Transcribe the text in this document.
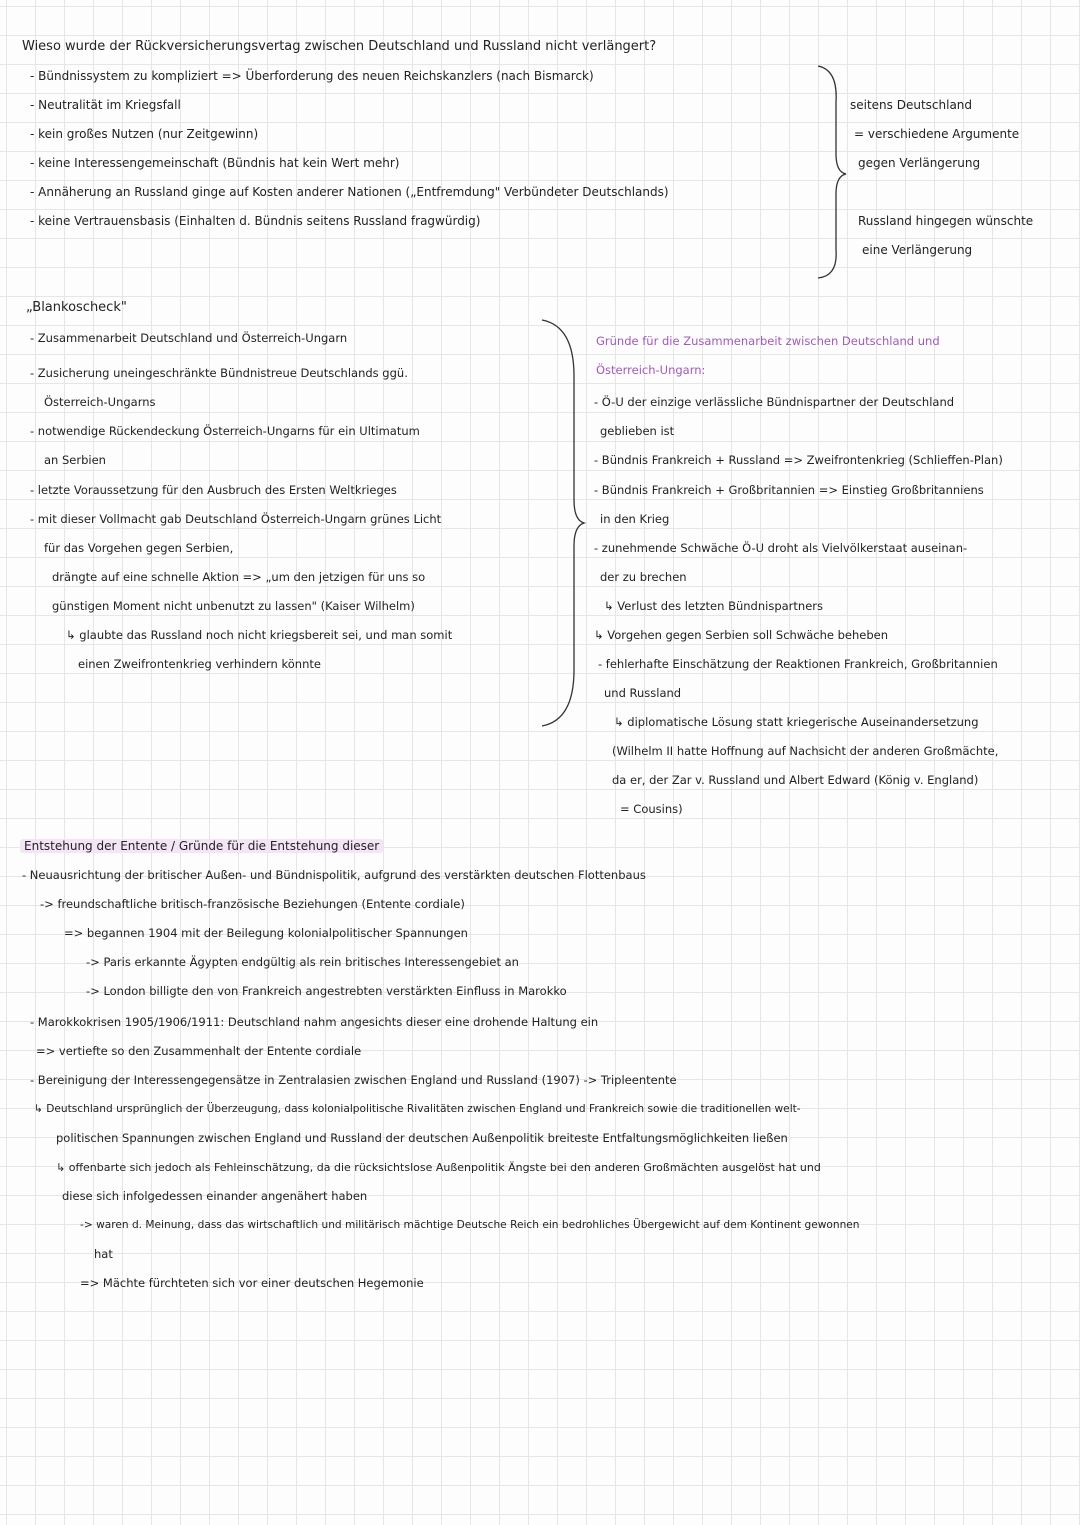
Wieso wurde der Rückversicherungsvertag zwischen Deutschland und Russland nicht verlängert?
- Bündnissystem zu kompliziert => Überforderung des neuen Reichskanzlers (nach Bismarck)
- Neutralität im Kriegsfall
- kein großes Nutzen (nur Zeitgewinn)
- keine Interessengemeinschaft (Bündnis hat kein Wert mehr)
- Annäherung an Russland ginge auf Kosten anderer Nationen („Entfremdung" Verbündeter Deutschlands)
- keine Vertrauensbasis (Einhalten d. Bündnis seitens Russland fragwürdig)
seitens Deutschland
= verschiedene Argumente
gegen Verlängerung
Russland hingegen wünschte
eine Verlängerung
„Blankoscheck"
- Zusammenarbeit Deutschland und Österreich-Ungarn
- Zusicherung uneingeschränkte Bündnistreue Deutschlands ggü.
Österreich-Ungarns
- notwendige Rückendeckung Österreich-Ungarns für ein Ultimatum
an Serbien
- letzte Voraussetzung für den Ausbruch des Ersten Weltkrieges
- mit dieser Vollmacht gab Deutschland Österreich-Ungarn grünes Licht
für das Vorgehen gegen Serbien,
drängte auf eine schnelle Aktion => „um den jetzigen für uns so
günstigen Moment nicht unbenutzt zu lassen" (Kaiser Wilhelm)
↳ glaubte das Russland noch nicht kriegsbereit sei, und man somit
einen Zweifrontenkrieg verhindern könnte
Gründe für die Zusammenarbeit zwischen Deutschland und
Österreich-Ungarn:
- Ö-U der einzige verlässliche Bündnispartner der Deutschland
geblieben ist
- Bündnis Frankreich + Russland => Zweifrontenkrieg (Schlieffen-Plan)
- Bündnis Frankreich + Großbritannien => Einstieg Großbritanniens
in den Krieg
- zunehmende Schwäche Ö-U droht als Vielvölkerstaat auseinan-
der zu brechen
↳ Verlust des letzten Bündnispartners
↳ Vorgehen gegen Serbien soll Schwäche beheben
- fehlerhafte Einschätzung der Reaktionen Frankreich, Großbritannien
und Russland
↳ diplomatische Lösung statt kriegerische Auseinandersetzung
(Wilhelm II hatte Hoffnung auf Nachsicht der anderen Großmächte,
da er, der Zar v. Russland und Albert Edward (König v. England)
= Cousins)
Entstehung der Entente / Gründe für die Entstehung dieser
- Neuausrichtung der britischer Außen- und Bündnispolitik, aufgrund des verstärkten deutschen Flottenbaus
-> freundschaftliche britisch-französische Beziehungen (Entente cordiale)
=> begannen 1904 mit der Beilegung kolonialpolitischer Spannungen
-> Paris erkannte Ägypten endgültig als rein britisches Interessengebiet an
-> London billigte den von Frankreich angestrebten verstärkten Einfluss in Marokko
- Marokkokrisen 1905/1906/1911: Deutschland nahm angesichts dieser eine drohende Haltung ein
=> vertiefte so den Zusammenhalt der Entente cordiale
- Bereinigung der Interessengegensätze in Zentralasien zwischen England und Russland (1907) -> Tripleentente
↳ Deutschland ursprünglich der Überzeugung, dass kolonialpolitische Rivalitäten zwischen England und Frankreich sowie die traditionellen welt-
politischen Spannungen zwischen England und Russland der deutschen Außenpolitik breiteste Entfaltungsmöglichkeiten ließen
↳ offenbarte sich jedoch als Fehleinschätzung, da die rücksichtslose Außenpolitik Ängste bei den anderen Großmächten ausgelöst hat und
diese sich infolgedessen einander angenähert haben
-> waren d. Meinung, dass das wirtschaftlich und militärisch mächtige Deutsche Reich ein bedrohliches Übergewicht auf dem Kontinent gewonnen
hat
=> Mächte fürchteten sich vor einer deutschen Hegemonie
